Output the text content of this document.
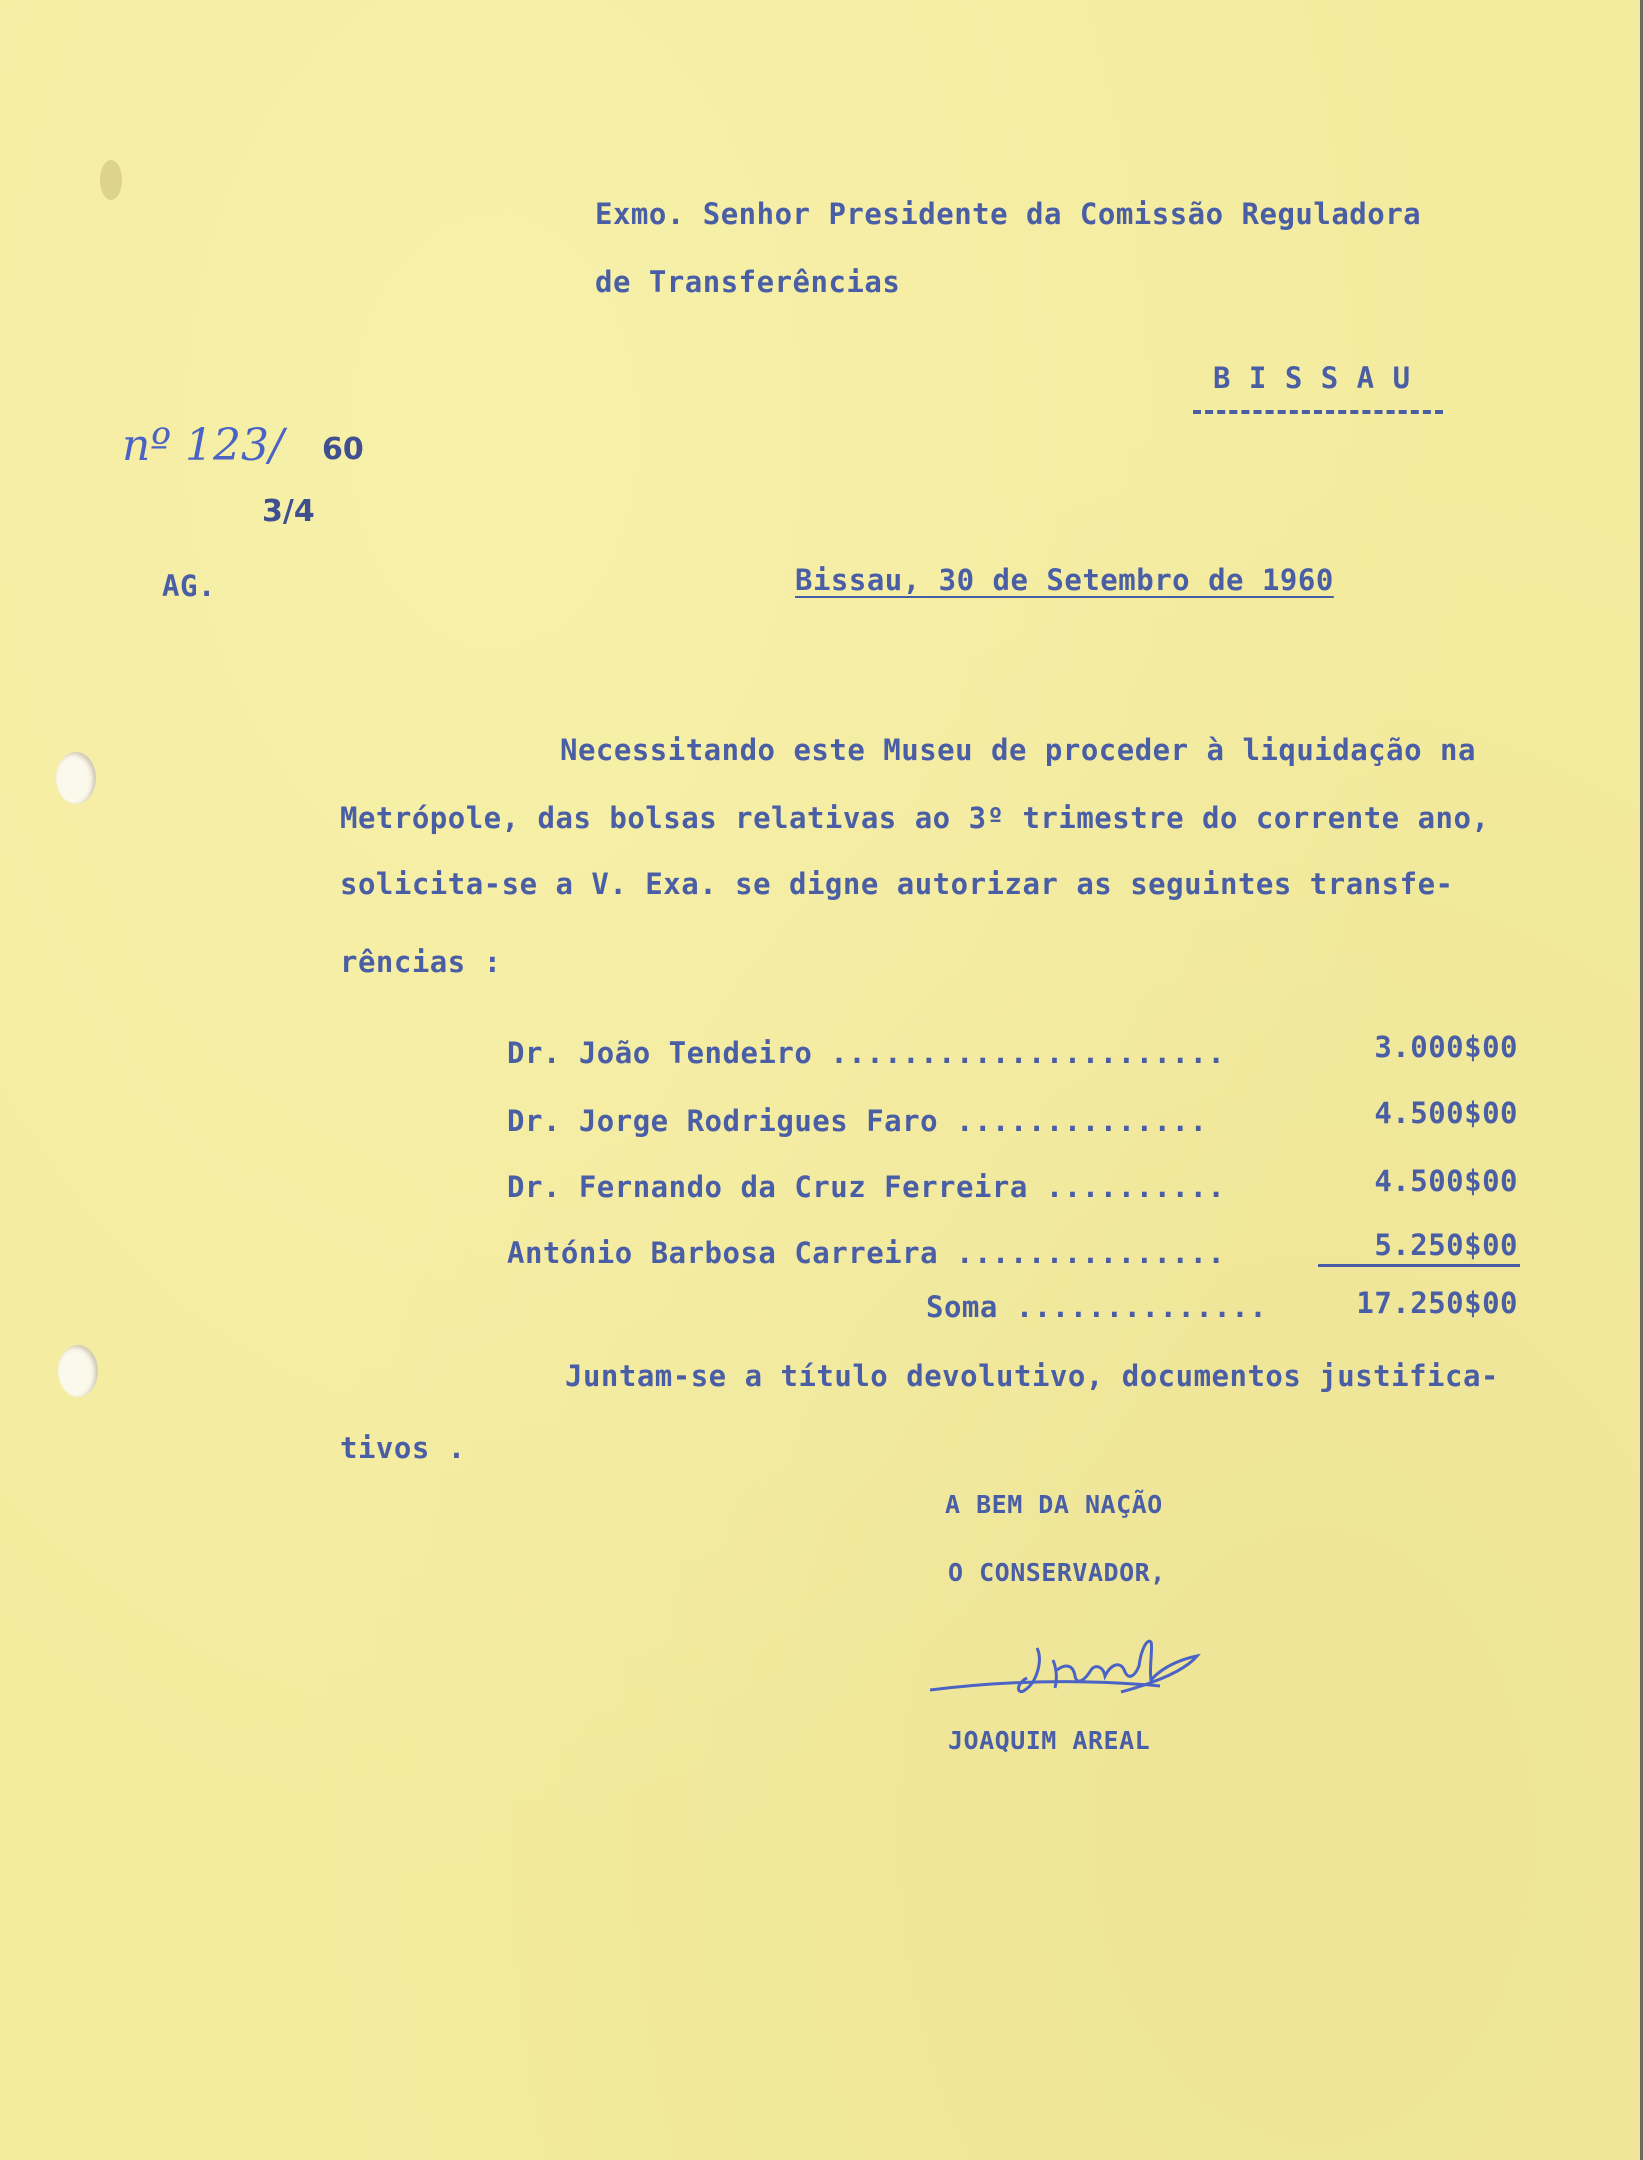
Exmo. Senhor Presidente da Comissão Reguladora
de Transferências
B I S S A U
nº 123/ 60
3/4
AG.	Bissau, 30 de Setembro de 1960
Necessitando este Museu de proceder à liquidação na
Metrópole, das bolsas relativas ao 3º trimestre do corrente ano,
solicita-se a V. Exa. se digne autorizar as seguintes transfe-
rências :
Dr. João Tendeiro ......................	3.000$00
Dr. Jorge Rodrigues Faro ..............	4.500$00
Dr. Fernando da Cruz Ferreira ..........	4.500$00
António Barbosa Carreira ...............	5.250$00
Soma ..............	17.250$00
Juntam-se a título devolutivo, documentos justifica-
tivos .
A BEM DA NAÇÃO
O CONSERVADOR,
JOAQUIM AREAL
